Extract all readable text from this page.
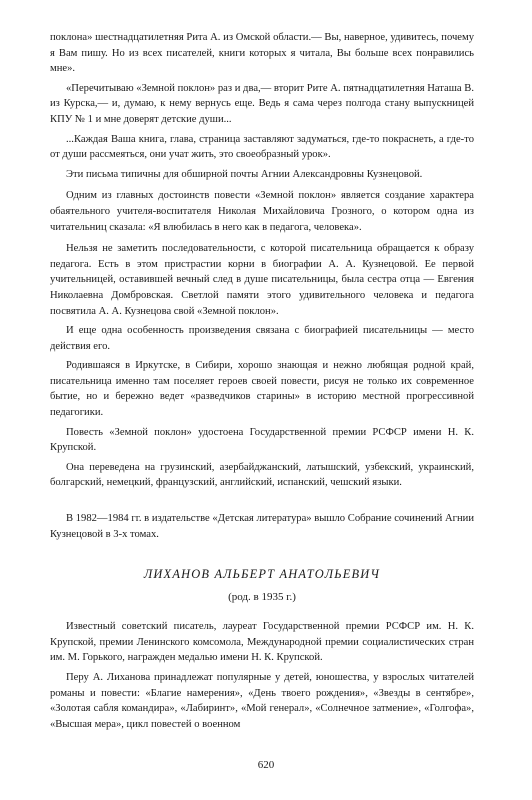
поклона» шестнадцатилетняя Рита А. из Омской области.— Вы, наверное, удивитесь, почему я Вам пишу. Но из всех писателей, книги которых я читала, Вы больше всех понравились мне».

«Перечитываю «Земной поклон» раз и два,— вторит Рите А. пятнадцатилетняя Наташа В. из Курска,— и, думаю, к нему вернусь еще. Ведь я сама через полгода стану выпускницей КПУ № 1 и мне доверят детские души...

...Каждая Ваша книга, глава, страница заставляют задуматься, где-то покраснеть, а где-то от души рассмеяться, они учат жить, это своеобразный урок».

Эти письма типичны для обширной почты Агнии Александровны Кузнецовой.

Одним из главных достоинств повести «Земной поклон» является создание характера обаятельного учителя-воспитателя Николая Михайловича Грозного, о котором одна из читательниц сказала: «Я влюбилась в него как в педагога, человека».

Нельзя не заметить последовательности, с которой писательница обращается к образу педагога. Есть в этом пристрастии корни в биографии А. А. Кузнецовой. Ее первой учительницей, оставившей вечный след в душе писательницы, была сестра отца — Евгения Николаевна Домбровская. Светлой памяти этого удивительного человека и педагога посвятила А. А. Кузнецова свой «Земной поклон».

И еще одна особенность произведения связана с биографией писательницы — место действия его.

Родившаяся в Иркутске, в Сибири, хорошо знающая и нежно любящая родной край, писательница именно там поселяет героев своей повести, рисуя не только их современное бытие, но и бережно ведет «разведчиков старины» в историю местной прогрессивной педагогики.

Повесть «Земной поклон» удостоена Государственной премии РСФСР имени Н. К. Крупской.

Она переведена на грузинский, азербайджанский, латышский, узбекский, украинский, болгарский, немецкий, французский, английский, испанский, чешский языки.

В 1982—1984 гг. в издательстве «Детская литература» вышло Собрание сочинений Агнии Кузнецовой в 3-х томах.

ЛИХАНОВ АЛЬБЕРТ АНАТОЛЬЕВИЧ
(род. в 1935 г.)

Известный советский писатель, лауреат Государственной премии РСФСР им. Н. К. Крупской, премии Ленинского комсомола, Международной премии социалистических стран им. М. Горького, награжден медалью имени Н. К. Крупской.

Перу А. Лиханова принадлежат популярные у детей, юношества, у взрослых читателей романы и повести: «Благие намерения», «День твоего рождения», «Звезды в сентябре», «Золотая сабля командира», «Лабиринт», «Мой генерал», «Солнечное затмение», «Голгофа», «Высшая мера», цикл повестей о военном

620
